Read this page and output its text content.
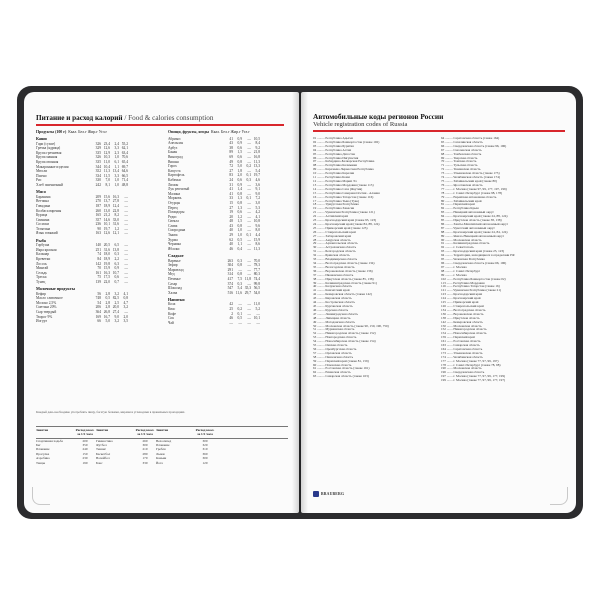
Питание и расход калорий / Food & calories consumption
Продукты (100 г) Ккал. Бел.г Жир.г Угл.г
Каши
Гари (сухие)	326 23,4	2,4 55,2
Гречка (ядрица)	329 12,6	3,3 62,1
Крупа гречневая	335 12,9	2,3 63,4
Крупа манная	326 10,3	1,0 70,6
Крупа овсяная	335 11,0	6,1 65,4
Макаронные изделия	344 10,4	1,1 69,7
Мюсли	352 11,3 13,4 64,6
Пшено	334 11,5	3,3 66,5
Рис	330	7,0	1,0 71,4
Хлеб пшеничный	242	8,1	1,0 48,8
Мясо
Баранина	209 15,6 16,3	—
Ветчина	270 13,7 27,8	—
Говядина	187 18,9 12,4	—
Колбаса вареная	260 13,0 22,8	—
Курица	165 21,2	8,2	—
Свинина	357 14,6 33,0	—
Сосиски	236 10,1 31,6	—
Телятина	90 19,7	1,2	—
Язык говяжий	163 12,6 12,1	—
Рыба
Горбуша	140 20,5	6,5	—
Икра красная	251 31,6 13,8	—
Кальмар	74 18,0	0,3	—
Креветки	84 18,9	2,2	—
Лосось	142 19,8	6,3	—
Минтай	70 15,9	0,9	—
Сельдь	161 16,3 10,7	—
Треска	75 17,5	0,6	—
Тунец	139 22,0	0,7	—
Молочные продукты
Кефир	56	2,8	3,2	4,1
Масло сливочное	748	0,5 82,5	0,8
Молоко 2,5%	54	2,8	2,5	4,7
Сметана 20%	206	2,8 20,0	3,2
Сыр твердый	364 26,8 27,4	—
Творог 9%	169 16,7	9,0	2,0
Йогурт	66	5,0	3,2	3,5
Овощи, фрукты, ягоды Ккал. Бел.г Жир.г Угл.г
Абрикос	41	0,9	— 10,5
Апельсин	43	0,9	—	8,4
Арбуз	38	0,6	—	9,2
Банан	89	1,5	— 21,8
Виноград	69	0,6	— 16,8
Вишня	49	0,8	— 11,3
Горох	72	5,0	0,2 13,3
Капуста	27	1,8	—	5,4
Картофель	83	2,0	0,1 19,7
Кабачки	24	0,6	0,3	4,6
Лимон	31	0,9	—	3,6
Лук репчатый	41	1,4	—	9,1
Малина	41	0,8	—	9,0
Морковь	33	1,3	0,1	7,2
Огурцы	15	0,8	—	3,0
Перец	27	1,3	—	5,3
Помидоры	19	0,6	—	4,2
Редис	20	1,2	—	4,1
Свекла	48	1,5	— 10,8
Слива	43	0,8	—	9,6
Смородина	40	1,0	—	8,0
Тыква	29	1,0	0,1	4,4
Хурма	62	0,5	— 15,9
Черника	40	1,1	—	8,6
Яблоки	46	0,4	— 11,3
Сладкое
Варенье	263	0,3	— 70,0
Зефир	304	0,8	— 78,3
Мармелад	291	—	— 77,7
Мед	314	0,8	— 80,3
Печенье	417	7,5 11,8 74,4
Сахар	374	0,3	— 99,8
Шоколад	547	5,4 35,3 56,5
Халва	516 11,6 29,7 54,0
Напитки
Кола	42	—	— 11,0
Квас	25	0,2	—	5,2
Кофе	2	0,1	—	—
Сок	46	0,5	— 10,1
Чай	—	—	—	—
Каждый день необходимо употреблять пищу, богатую белками, жирами и углеводами в правильных пропорциях.
Занятие	Расход ккал. за 1/2 часа
Занятие	Расход ккал. за 1/2 часа
Занятие	Расход ккал. за 1/2 часа
Спортивная ходьба	200	Гимнастика	260	Велосипед	300
Бег	350	Футбол	300	Плавание	320
Плавание	240	Теннис	210	Гребля	310
Прогулка	150	Баскетбол	280	Лыжи	360
Аэробика	230	Волейбол	170	Коньки	300
Танцы	190	Бокс	330	Йога	120
Автомобильные коды регионов России
Vehicle registration codes of Russia
01 ......... Республика Адыгея
02 ......... Республика Башкортостан (также 102)
03 ......... Республика Бурятия
04 ......... Республика Алтай
05 ......... Республика Дагестан
06 ......... Республика Ингушетия
07 ......... Кабардино-Балкарская Республика
08 ......... Республика Калмыкия
09 ......... Карачаево-Черкесская Республика
10 ......... Республика Карелия
11 ......... Республика Коми
12 ......... Республика Марий Эл
13 ......... Республика Мордовия (также 113)
14 ......... Республика Саха (Якутия)
15 ......... Республика Северная Осетия - Алания
16 ......... Республика Татарстан (также 116)
17 ......... Республика Тыва (Тува)
18 ......... Удмуртская Республика
19 ......... Республика Хакасия
21 ......... Чувашская Республика (также 121)
22 ......... Алтайский край
23 ......... Краснодарский край (также 93, 123)
24 ......... Красноярский край (также 84, 88, 124)
25 ......... Приморский край (также 125)
26 ......... Ставропольский край
27 ......... Хабаровский край
28 ......... Амурская область
29 ......... Архангельская область
30 ......... Астраханская область
31 ......... Белгородская область
32 ......... Брянская область
33 ......... Владимирская область
34 ......... Волгоградская область (также 134)
35 ......... Вологодская область
36 ......... Воронежская область (также 136)
37 ......... Ивановская область
38 ......... Иркутская область (также 85, 138)
39 ......... Калининградская область (также 91)
40 ......... Калужская область
41 ......... Камчатский край
42 ......... Кемеровская область (также 142)
43 ......... Кировская область
44 ......... Костромская область
45 ......... Курганская область
46 ......... Курская область
47 ......... Ленинградская область
48 ......... Липецкая область
49 ......... Магаданская область
50 ......... Московская область (также 90, 150, 190, 750)
51 ......... Мурманская область
52 ......... Нижегородская область (также 152)
53 ......... Новгородская область
54 ......... Новосибирская область (также 154)
55 ......... Омская область
56 ......... Оренбургская область
57 ......... Орловская область
58 ......... Пензенская область
59 ......... Пермский край (также 81, 159)
60 ......... Псковская область
61 ......... Ростовская область (также 161)
62 ......... Рязанская область
63 ......... Самарская область (также 163)
64 ......... Саратовская область (также 164)
65 ......... Сахалинская область
66 ......... Свердловская область (также 96, 196)
67 ......... Смоленская область
68 ......... Тамбовская область
69 ......... Тверская область
70 ......... Томская область
71 ......... Тульская область
72 ......... Тюменская область
73 ......... Ульяновская область (также 173)
74 ......... Челябинская область (также 174)
75 ......... Забайкальский край (также 80)
76 ......... Ярославская область
77 ......... г. Москва (также 97, 99, 177, 197, 199)
78 ......... г. Санкт-Петербург (также 98, 178)
79 ......... Еврейская автономная область
80 ......... Забайкальский край
81 ......... Пермский край
82 ......... Республика Крым
83 ......... Ненецкий автономный округ
84 ......... Красноярский край (также 24, 88, 124)
85 ......... Иркутская область (также 38, 138)
86 ......... Ханты-Мансийский автономный округ
87 ......... Чукотский автономный округ
88 ......... Красноярский край (также 24, 84, 124)
89 ......... Ямало-Ненецкий автономный округ
90 ......... Московская область
91 ......... Калининградская область
92 ......... г. Севастополь
93 ......... Краснодарский край (также 23, 123)
94 ......... Территории, находящиеся за пределами РФ
95 ......... Чеченская Республика
96 ......... Свердловская область (также 66, 196)
97 ......... г. Москва
98 ......... г. Санкт-Петербург
99 ......... г. Москва
102 ....... Республика Башкортостан (также 02)
113 ....... Республика Мордовия
116 ....... Республика Татарстан (также 16)
121 ....... Чувашская Республика (также 21)
123 ....... Краснодарский край
124 ....... Красноярский край
125 ....... Приморский край
126 ....... Ставропольский край
134 ....... Волгоградская область
136 ....... Воронежская область
138 ....... Иркутская область
142 ....... Кемеровская область
150 ....... Московская область
152 ....... Нижегородская область
154 ....... Новосибирская область
159 ....... Пермский край
161 ....... Ростовская область
163 ....... Самарская область
164 ....... Саратовская область
173 ....... Ульяновская область
174 ....... Челябинская область
177 ....... г. Москва (также 77, 97, 99, 197)
178 ....... г. Санкт-Петербург (также 78, 98)
190 ....... Московская область
196 ....... Свердловская область
197 ....... г. Москва (также 77, 97, 99, 177, 199)
199 ....... г. Москва (также 77, 97, 99, 177, 197)
BRAUBERG
